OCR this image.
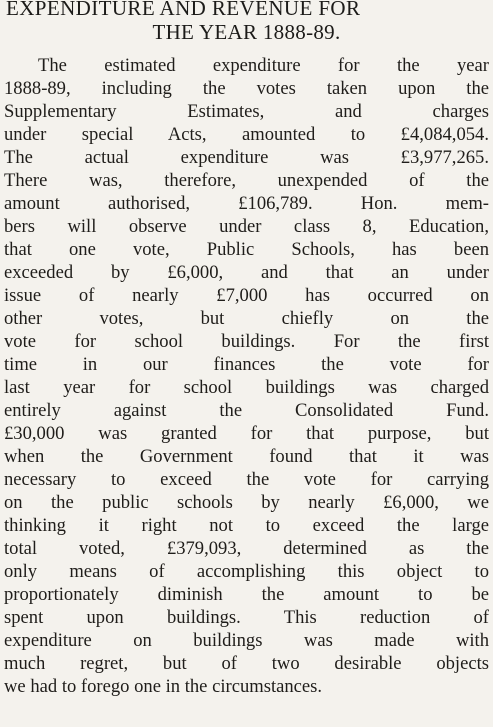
EXPENDITURE AND REVENUE FOR
THE YEAR 1888-89.
The estimated expenditure for the year
1888-89, including the votes taken upon the
Supplementary Estimates, and charges
under special Acts, amounted to £4,084,054.
The actual expenditure was £3,977,265.
There was, therefore, unexpended of the
amount authorised, £106,789. Hon. mem-
bers will observe under class 8, Education,
that one vote, Public Schools, has been
exceeded by £6,000, and that an under
issue of nearly £7,000 has occurred on
other votes, but chiefly on the
vote for school buildings. For the first
time in our finances the vote for
last year for school buildings was charged
entirely against the Consolidated Fund.
£30,000 was granted for that purpose, but
when the Government found that it was
necessary to exceed the vote for carrying
on the public schools by nearly £6,000, we
thinking it right not to exceed the large
total voted, £379,093, determined as the
only means of accomplishing this object to
proportionately diminish the amount to be
spent upon buildings. This reduction of
expenditure on buildings was made with
much regret, but of two desirable objects
we had to forego one in the circumstances.
